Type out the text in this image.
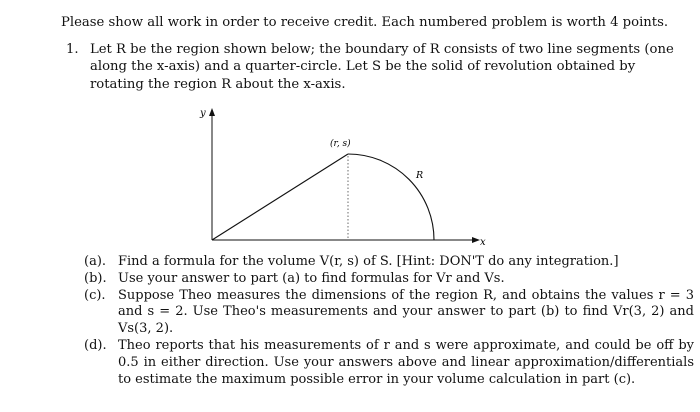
Please show all work in order to receive credit. Each numbered problem is worth 4 points.
1. Let R be the region shown below; the boundary of R consists of two line segments (one along the x-axis) and a quarter-circle. Let S be the solid of revolution obtained by rotating the region R about the x-axis.
y
x
(r, s)
R
(a). Find a formula for the volume V(r, s) of S. [Hint: DON'T do any integration.]
(b). Use your answer to part (a) to find formulas for Vr and Vs.
(c). Suppose Theo measures the dimensions of the region R, and obtains the values r = 3 and s = 2. Use Theo's measurements and your answer to part (b) to find Vr(3, 2) and Vs(3, 2).
(d). Theo reports that his measurements of r and s were approximate, and could be off by 0.5 in either direction. Use your answers above and linear approximation/differentials to estimate the maximum possible error in your volume calculation in part (c).
